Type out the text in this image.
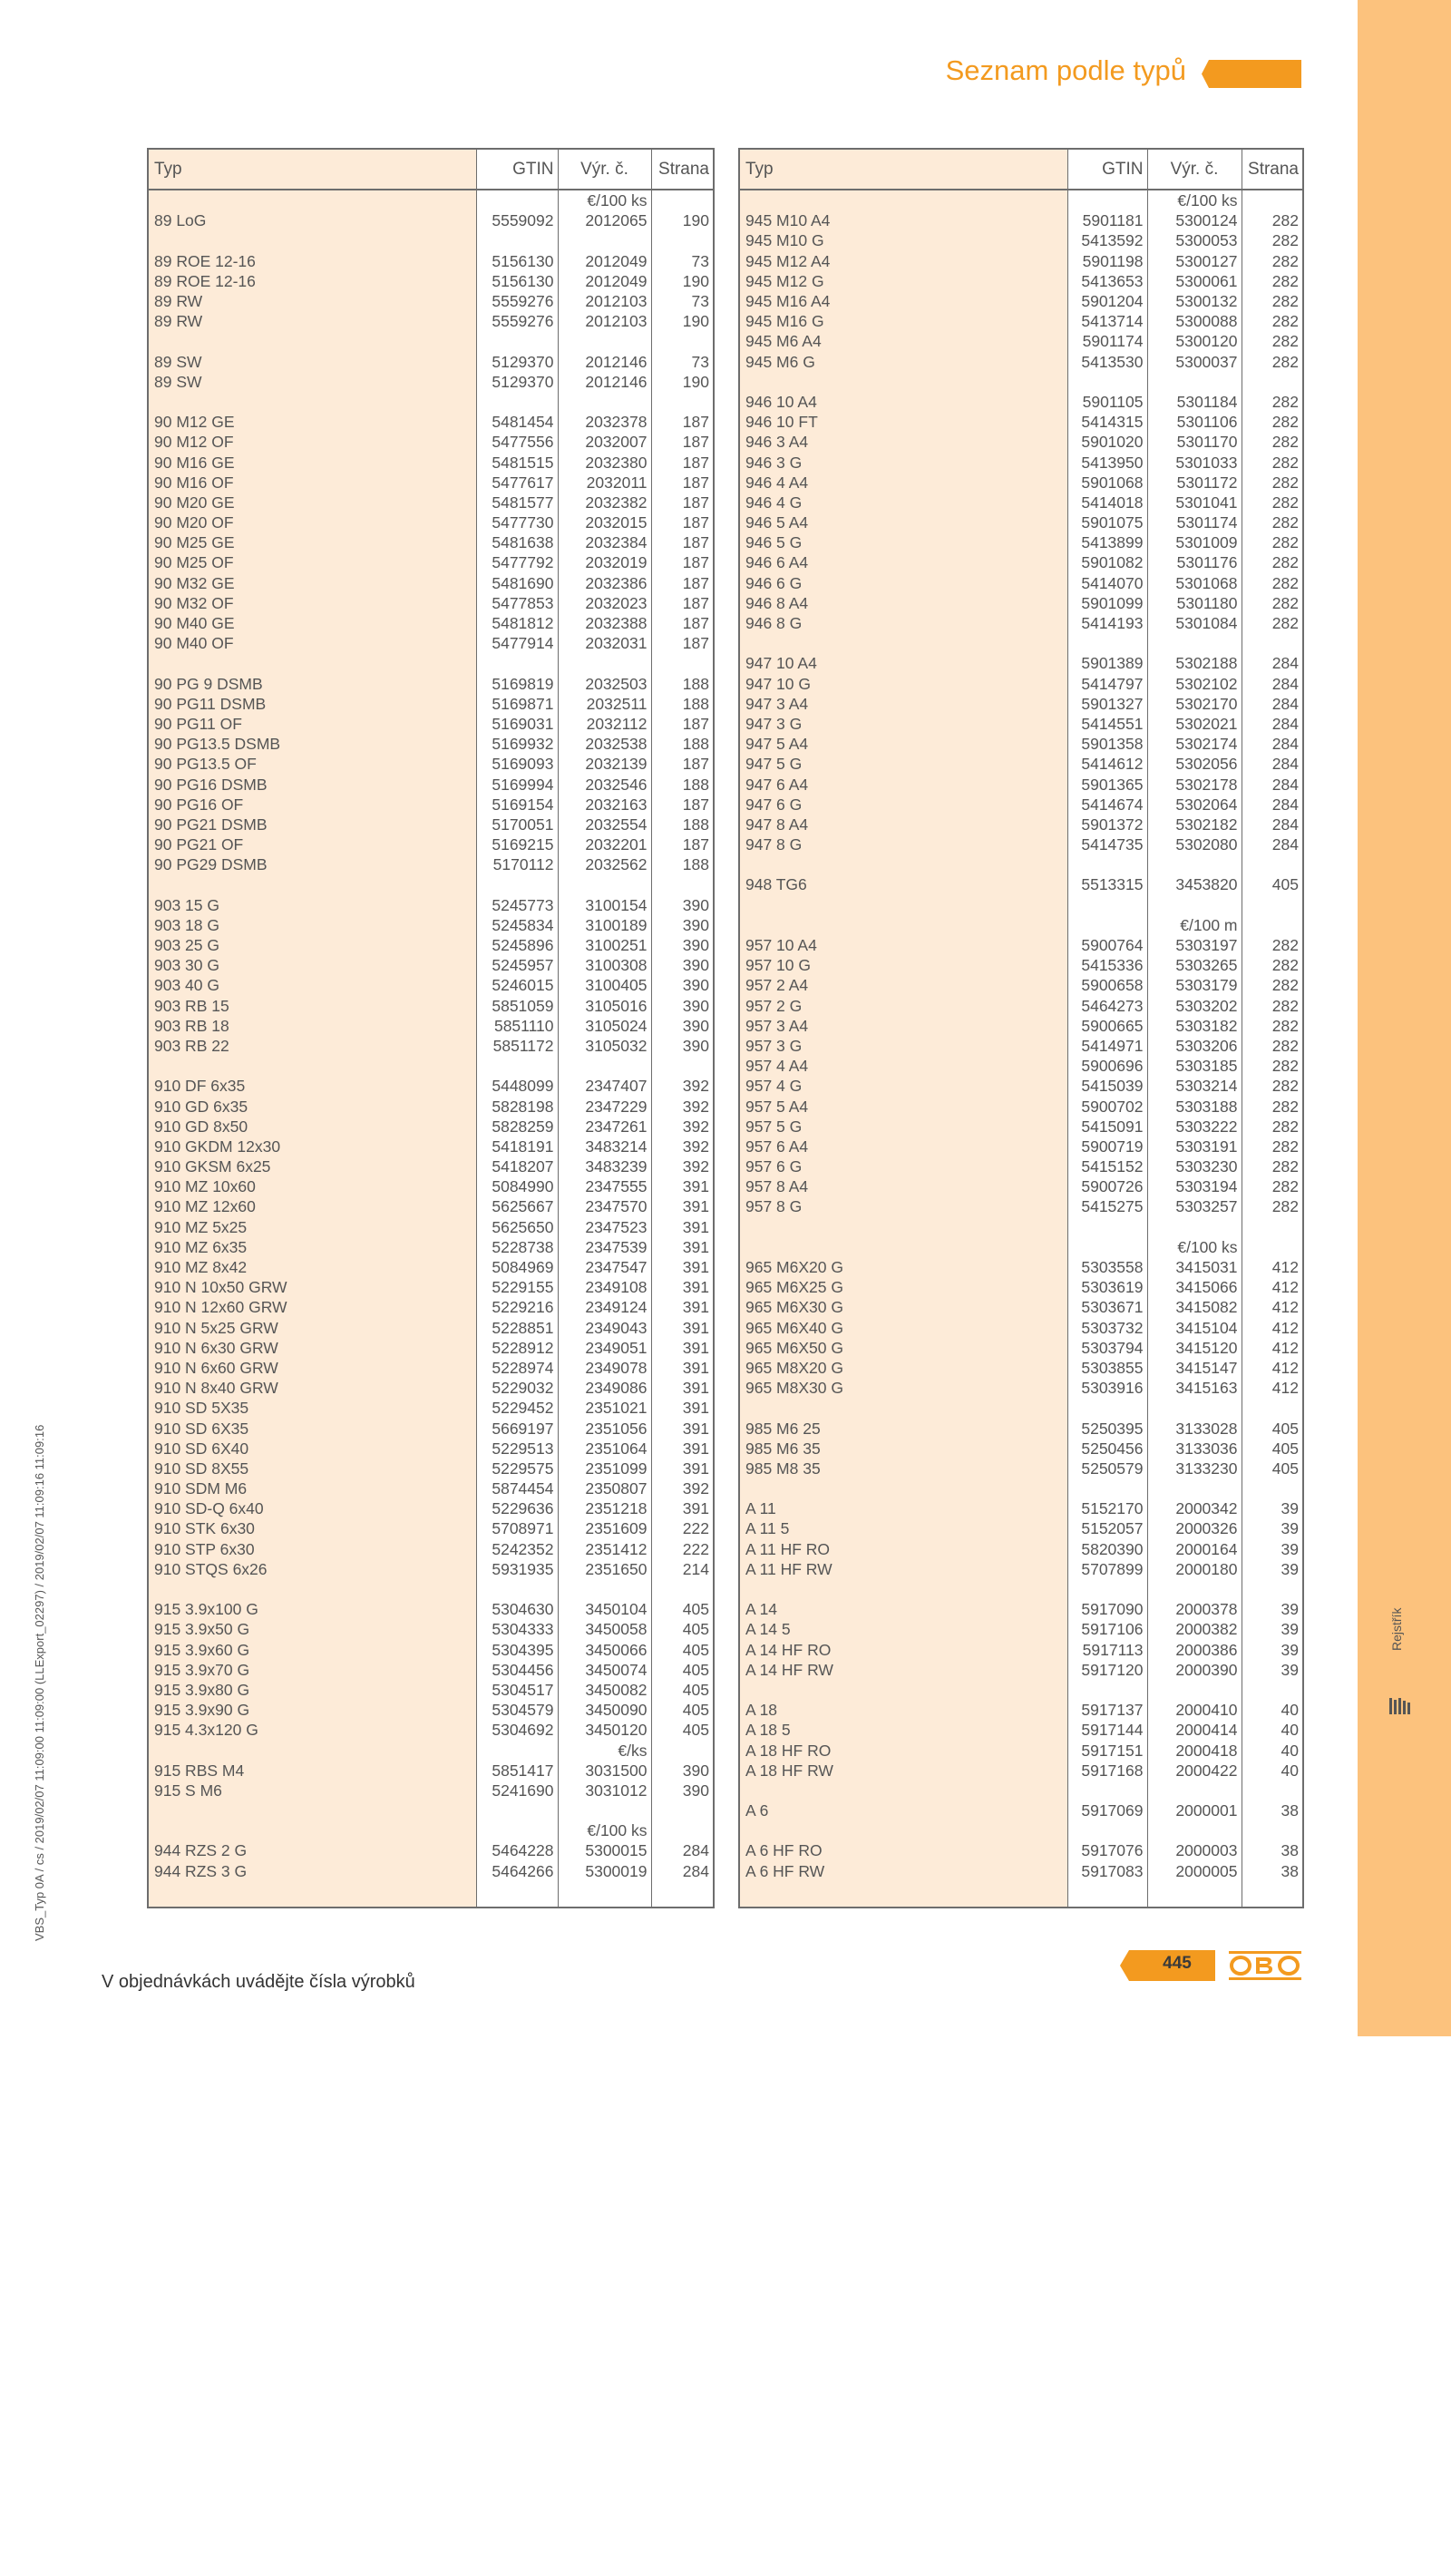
Rejstřík
Seznam podle typů
VBS_Typ 0A / cs / 2019/02/07 11:09:00 11:09:00 (LLExport_02297) / 2019/02/07 11:09:16 11:09:16
Typ	GTIN	Výr. č.	Strana
		€/100 ks	
89 LoG	5559092	2012065	190

89 ROE 12-16	5156130	2012049	73
89 ROE 12-16	5156130	2012049	190
89 RW	5559276	2012103	73
89 RW	5559276	2012103	190

89 SW	5129370	2012146	73
89 SW	5129370	2012146	190

90 M12 GE	5481454	2032378	187
90 M12 OF	5477556	2032007	187
90 M16 GE	5481515	2032380	187
90 M16 OF	5477617	2032011	187
90 M20 GE	5481577	2032382	187
90 M20 OF	5477730	2032015	187
90 M25 GE	5481638	2032384	187
90 M25 OF	5477792	2032019	187
90 M32 GE	5481690	2032386	187
90 M32 OF	5477853	2032023	187
90 M40 GE	5481812	2032388	187
90 M40 OF	5477914	2032031	187

90 PG 9 DSMB	5169819	2032503	188
90 PG11 DSMB	5169871	2032511	188
90 PG11 OF	5169031	2032112	187
90 PG13.5 DSMB	5169932	2032538	188
90 PG13.5 OF	5169093	2032139	187
90 PG16 DSMB	5169994	2032546	188
90 PG16 OF	5169154	2032163	187
90 PG21 DSMB	5170051	2032554	188
90 PG21 OF	5169215	2032201	187
90 PG29 DSMB	5170112	2032562	188

903 15 G	5245773	3100154	390
903 18 G	5245834	3100189	390
903 25 G	5245896	3100251	390
903 30 G	5245957	3100308	390
903 40 G	5246015	3100405	390
903 RB 15	5851059	3105016	390
903 RB 18	5851110	3105024	390
903 RB 22	5851172	3105032	390

910 DF 6x35	5448099	2347407	392
910 GD 6x35	5828198	2347229	392
910 GD 8x50	5828259	2347261	392
910 GKDM 12x30	5418191	3483214	392
910 GKSM 6x25	5418207	3483239	392
910 MZ 10x60	5084990	2347555	391
910 MZ 12x60	5625667	2347570	391
910 MZ 5x25	5625650	2347523	391
910 MZ 6x35	5228738	2347539	391
910 MZ 8x42	5084969	2347547	391
910 N 10x50 GRW	5229155	2349108	391
910 N 12x60 GRW	5229216	2349124	391
910 N 5x25 GRW	5228851	2349043	391
910 N 6x30 GRW	5228912	2349051	391
910 N 6x60 GRW	5228974	2349078	391
910 N 8x40 GRW	5229032	2349086	391
910 SD 5X35	5229452	2351021	391
910 SD 6X35	5669197	2351056	391
910 SD 6X40	5229513	2351064	391
910 SD 8X55	5229575	2351099	391
910 SDM M6	5874454	2350807	392
910 SD-Q 6x40	5229636	2351218	391
910 STK 6x30	5708971	2351609	222
910 STP 6x30	5242352	2351412	222
910 STQS 6x26	5931935	2351650	214

915 3.9x100 G	5304630	3450104	405
915 3.9x50 G	5304333	3450058	405
915 3.9x60 G	5304395	3450066	405
915 3.9x70 G	5304456	3450074	405
915 3.9x80 G	5304517	3450082	405
915 3.9x90 G	5304579	3450090	405
915 4.3x120 G	5304692	3450120	405
		€/ks	
915 RBS M4	5851417	3031500	390
915 S M6	5241690	3031012	390

		€/100 ks	
944 RZS 2 G	5464228	5300015	284
944 RZS 3 G	5464266	5300019	284

Typ	GTIN	Výr. č.	Strana
		€/100 ks	
945 M10 A4	5901181	5300124	282
945 M10 G	5413592	5300053	282
945 M12 A4	5901198	5300127	282
945 M12 G	5413653	5300061	282
945 M16 A4	5901204	5300132	282
945 M16 G	5413714	5300088	282
945 M6 A4	5901174	5300120	282
945 M6 G	5413530	5300037	282

946 10 A4	5901105	5301184	282
946 10 FT	5414315	5301106	282
946 3 A4	5901020	5301170	282
946 3 G	5413950	5301033	282
946 4 A4	5901068	5301172	282
946 4 G	5414018	5301041	282
946 5 A4	5901075	5301174	282
946 5 G	5413899	5301009	282
946 6 A4	5901082	5301176	282
946 6 G	5414070	5301068	282
946 8 A4	5901099	5301180	282
946 8 G	5414193	5301084	282

947 10 A4	5901389	5302188	284
947 10 G	5414797	5302102	284
947 3 A4	5901327	5302170	284
947 3 G	5414551	5302021	284
947 5 A4	5901358	5302174	284
947 5 G	5414612	5302056	284
947 6 A4	5901365	5302178	284
947 6 G	5414674	5302064	284
947 8 A4	5901372	5302182	284
947 8 G	5414735	5302080	284

948 TG6	5513315	3453820	405

		€/100 m	
957 10 A4	5900764	5303197	282
957 10 G	5415336	5303265	282
957 2 A4	5900658	5303179	282
957 2 G	5464273	5303202	282
957 3 A4	5900665	5303182	282
957 3 G	5414971	5303206	282
957 4 A4	5900696	5303185	282
957 4 G	5415039	5303214	282
957 5 A4	5900702	5303188	282
957 5 G	5415091	5303222	282
957 6 A4	5900719	5303191	282
957 6 G	5415152	5303230	282
957 8 A4	5900726	5303194	282
957 8 G	5415275	5303257	282

		€/100 ks	
965 M6X20 G	5303558	3415031	412
965 M6X25 G	5303619	3415066	412
965 M6X30 G	5303671	3415082	412
965 M6X40 G	5303732	3415104	412
965 M6X50 G	5303794	3415120	412
965 M8X20 G	5303855	3415147	412
965 M8X30 G	5303916	3415163	412

985 M6 25	5250395	3133028	405
985 M6 35	5250456	3133036	405
985 M8 35	5250579	3133230	405

A 11	5152170	2000342	39
A 11 5	5152057	2000326	39
A 11 HF RO	5820390	2000164	39
A 11 HF RW	5707899	2000180	39

A 14	5917090	2000378	39
A 14 5	5917106	2000382	39
A 14 HF RO	5917113	2000386	39
A 14 HF RW	5917120	2000390	39

A 18	5917137	2000410	40
A 18 5	5917144	2000414	40
A 18 HF RO	5917151	2000418	40
A 18 HF RW	5917168	2000422	40

A 6	5917069	2000001	38

A 6 HF RO	5917076	2000003	38
A 6 HF RW	5917083	2000005	38

V objednávkách uvádějte čísla výrobků
445
